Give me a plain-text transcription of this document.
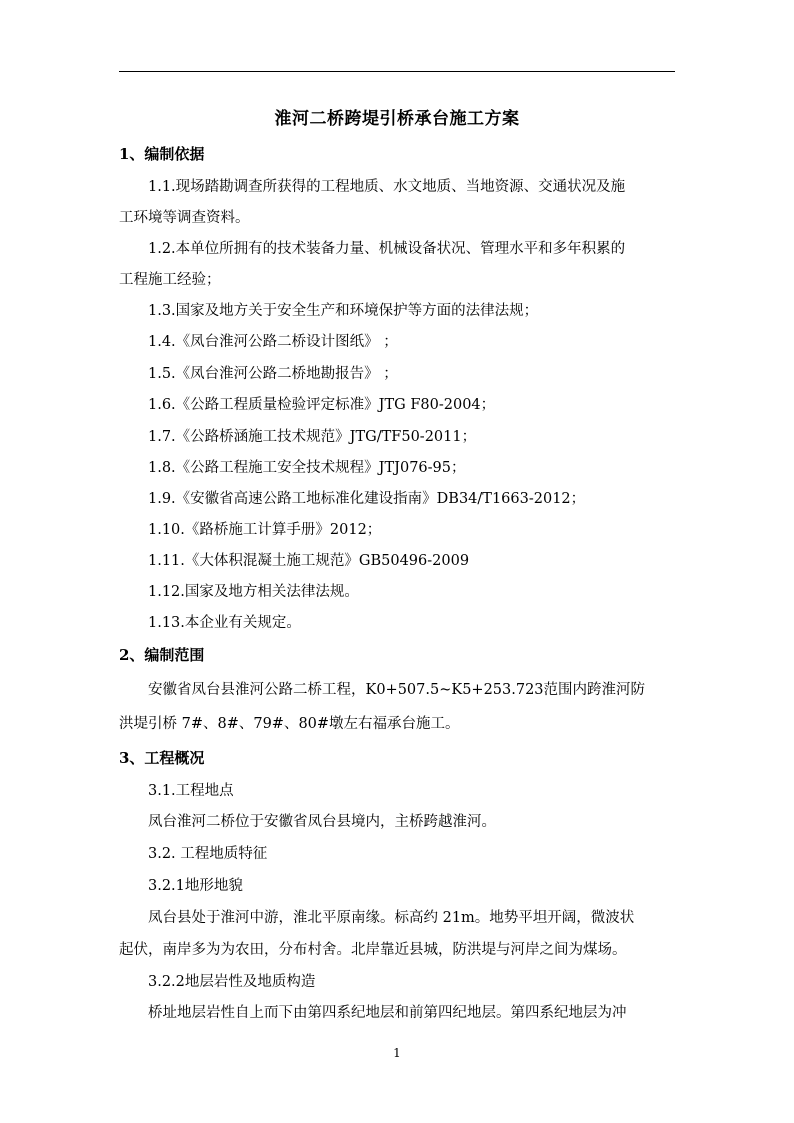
淮河二桥跨堤引桥承台施工方案
1、编制依据
1.1.现场踏勘调查所获得的工程地质、水文地质、当地资源、交通状况及施
工环境等调查资料。
1.2.本单位所拥有的技术装备力量、机械设备状况、管理水平和多年积累的
工程施工经验；
1.3.国家及地方关于安全生产和环境保护等方面的法律法规；
1.4.《凤台淮河公路二桥设计图纸》 ；
1.5.《凤台淮河公路二桥地勘报告》 ；
1.6.《公路工程质量检验评定标准》JTG F80-2004；
1.7.《公路桥涵施工技术规范》JTG/TF50-2011；
1.8.《公路工程施工安全技术规程》JTJ076-95；
1.9.《安徽省高速公路工地标准化建设指南》DB34/T1663-2012；
1.10.《路桥施工计算手册》2012；
1.11.《大体积混凝土施工规范》GB50496-2009
1.12.国家及地方相关法律法规。
1.13.本企业有关规定。
2、编制范围
安徽省凤台县淮河公路二桥工程，K0+507.5~K5+253.723范围内跨淮河防
洪堤引桥 7#、8#、79#、80#墩左右福承台施工。
3、工程概况
3.1.工程地点
凤台淮河二桥位于安徽省凤台县境内，主桥跨越淮河。
3.2. 工程地质特征
3.2.1地形地貌
凤台县处于淮河中游，淮北平原南缘。标高约 21m。地势平坦开阔，微波状
起伏，南岸多为为农田，分布村舍。北岸靠近县城，防洪堤与河岸之间为煤场。
3.2.2地层岩性及地质构造
桥址地层岩性自上而下由第四系纪地层和前第四纪地层。第四系纪地层为冲
1
